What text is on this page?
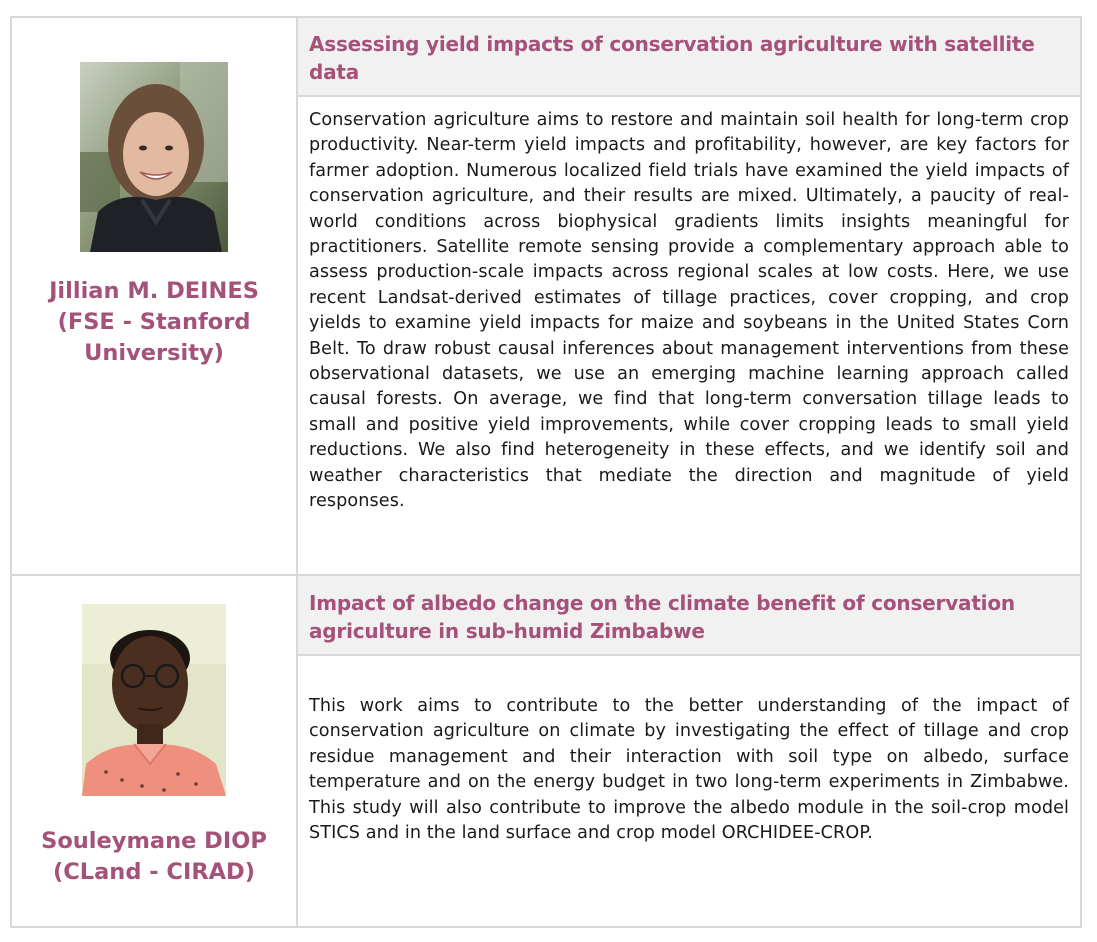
Assessing yield impacts of conservation agriculture with satellite data
Conservation agriculture aims to restore and maintain soil health for long-term crop productivity. Near-term yield impacts and profitability, however, are key factors for farmer adoption. Numerous localized field trials have examined the yield impacts of conservation agriculture, and their results are mixed. Ultimately, a paucity of real-world conditions across biophysical gradients limits insights meaningful for practitioners. Satellite remote sensing provide a complementary approach able to assess production-scale impacts across regional scales at low costs. Here, we use recent Landsat-derived estimates of tillage practices, cover cropping, and crop yields to examine yield impacts for maize and soybeans in the United States Corn Belt. To draw robust causal inferences about management interventions from these observational datasets, we use an emerging machine learning approach called causal forests. On average, we find that long-term conversation tillage leads to small and positive yield improvements, while cover cropping leads to small yield reductions. We also find heterogeneity in these effects, and we identify soil and weather characteristics that mediate the direction and magnitude of yield responses.
Jillian M. DEINES
(FSE - Stanford University)
Impact of albedo change on the climate benefit of conservation agriculture in sub-humid Zimbabwe
This work aims to contribute to the better understanding of the impact of conservation agriculture on climate by investigating the effect of tillage and crop residue management and their interaction with soil type on albedo, surface temperature and on the energy budget in two long-term experiments in Zimbabwe. This study will also contribute to improve the albedo module in the soil-crop model STICS and in the land surface and crop model ORCHIDEE-CROP.
Souleymane DIOP
(CLand - CIRAD)
